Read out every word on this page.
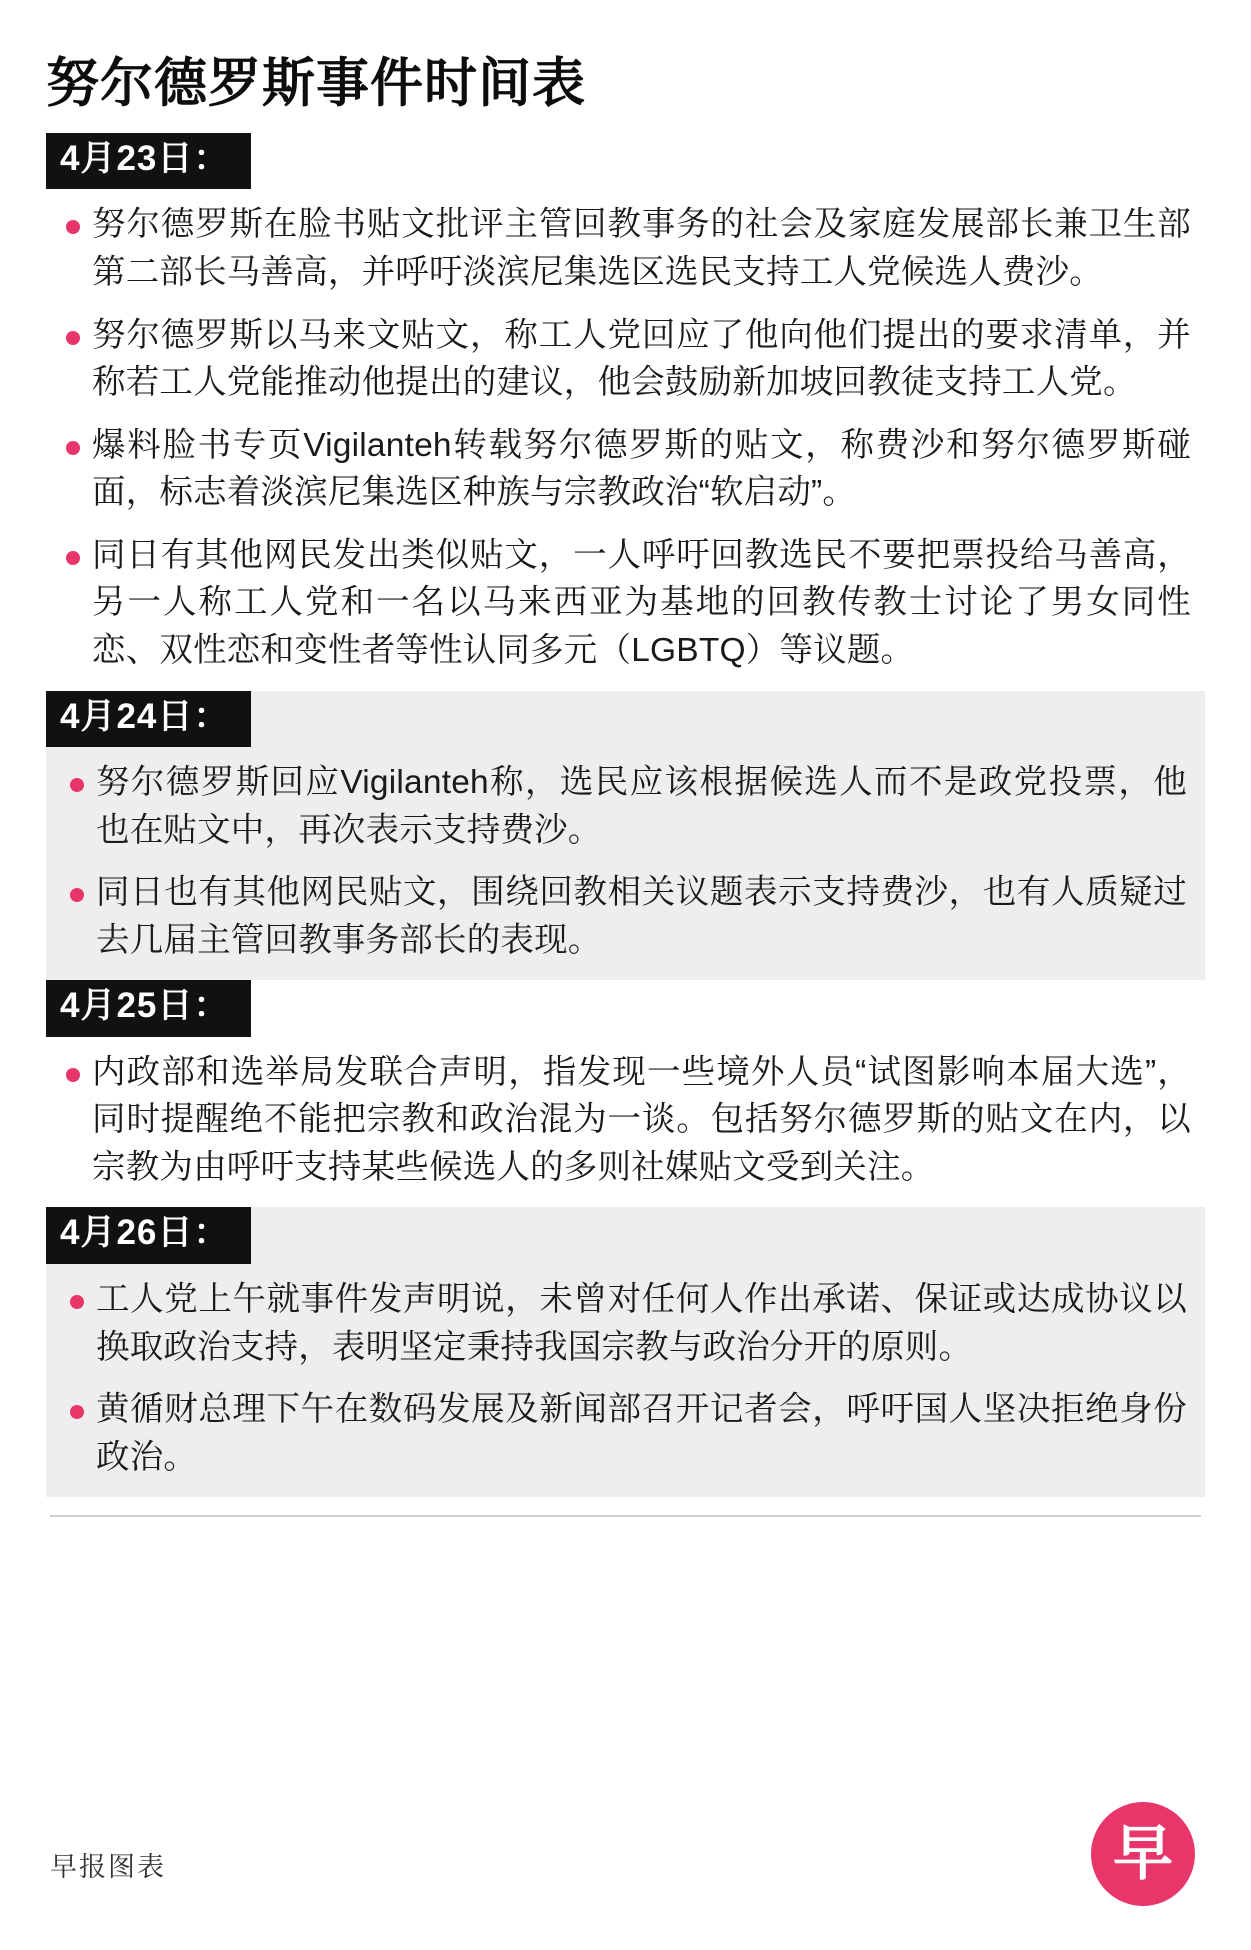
努尔德罗斯事件时间表
4月23日：
努尔德罗斯在脸书贴文批评主管回教事务的社会及家庭发展部长兼卫生部第二部长马善高，并呼吁淡滨尼集选区选民支持工人党候选人费沙。
努尔德罗斯以马来文贴文，称工人党回应了他向他们提出的要求清单，并称若工人党能推动他提出的建议，他会鼓励新加坡回教徒支持工人党。
爆料脸书专页Vigilanteh转载努尔德罗斯的贴文，称费沙和努尔德罗斯碰面，标志着淡滨尼集选区种族与宗教政治“软启动”。
同日有其他网民发出类似贴文，一人呼吁回教选民不要把票投给马善高，另一人称工人党和一名以马来西亚为基地的回教传教士讨论了男女同性恋、双性恋和变性者等性认同多元（LGBTQ）等议题。
4月24日：
努尔德罗斯回应Vigilanteh称，选民应该根据候选人而不是政党投票，他也在贴文中，再次表示支持费沙。
同日也有其他网民贴文，围绕回教相关议题表示支持费沙，也有人质疑过去几届主管回教事务部长的表现。
4月25日：
内政部和选举局发联合声明，指发现一些境外人员“试图影响本届大选”，同时提醒绝不能把宗教和政治混为一谈。包括努尔德罗斯的贴文在内，以宗教为由呼吁支持某些候选人的多则社媒贴文受到关注。
4月26日：
工人党上午就事件发声明说，未曾对任何人作出承诺、保证或达成协议以换取政治支持，表明坚定秉持我国宗教与政治分开的原则。
黄循财总理下午在数码发展及新闻部召开记者会，呼吁国人坚决拒绝身份政治。
早报图表	早
